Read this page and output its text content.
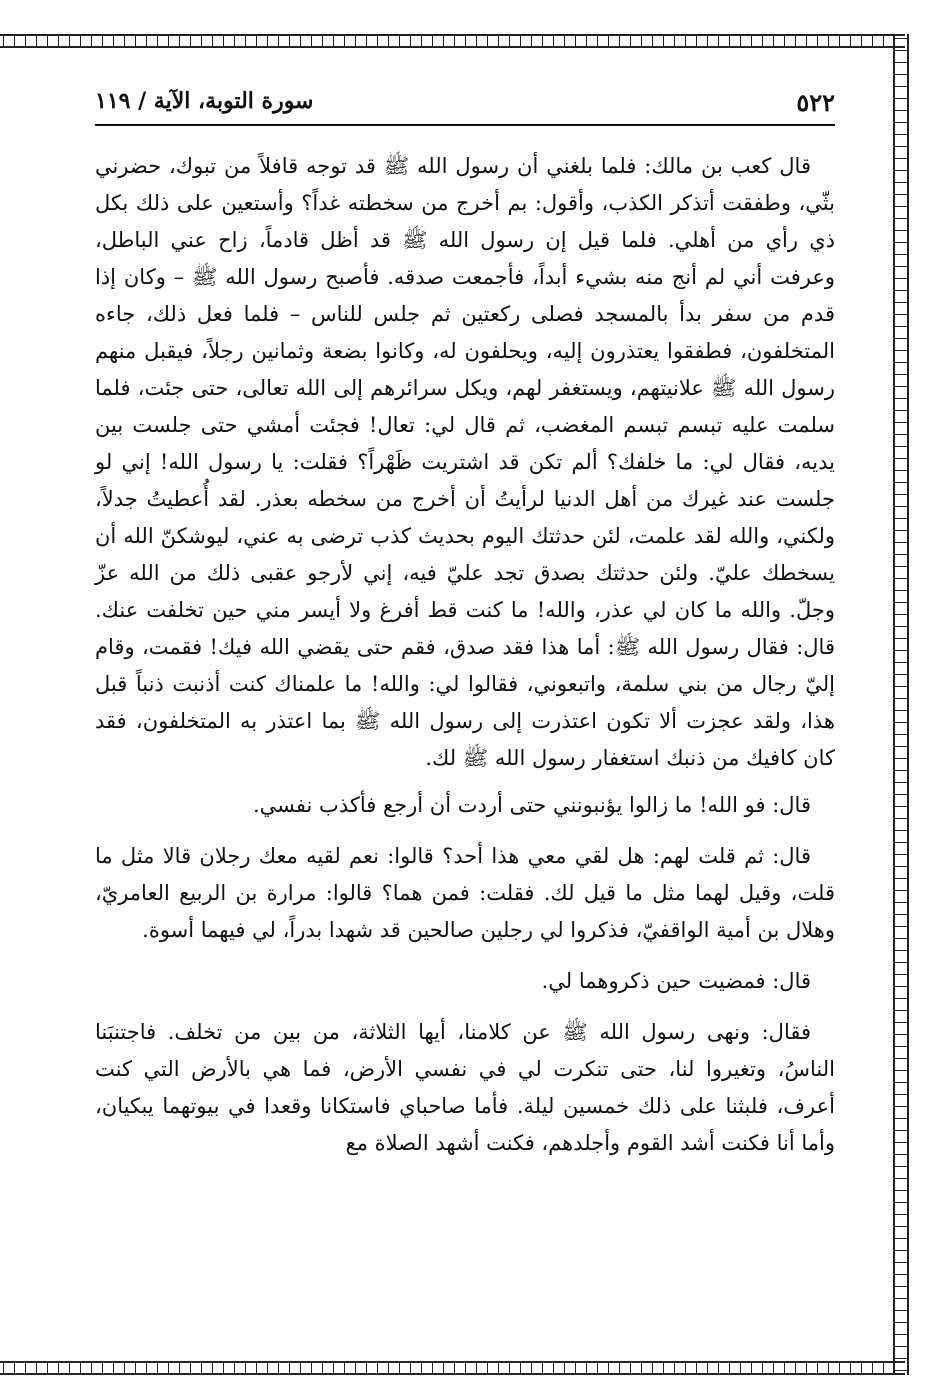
٥٢٢
سورة التوبة، الآية / ١١٩

قال كعب بن مالك: فلما بلغني أن رسول الله ﷺ قد توجه قافلاً من تبوك، حضرني بثّي، وطفقت أتذكر الكذب، وأقول: بم أخرج من سخطته غداً؟ وأستعين على ذلك بكل ذي رأي من أهلي. فلما قيل إن رسول الله ﷺ قد أظل قادماً، زاح عني الباطل، وعرفت أني لم أنج منه بشيء أبداً، فأجمعت صدقه. فأصبح رسول الله ﷺ – وكان إذا قدم من سفر بدأ بالمسجد فصلى ركعتين ثم جلس للناس – فلما فعل ذلك، جاءه المتخلفون، فطفقوا يعتذرون إليه، ويحلفون له، وكانوا بضعة وثمانين رجلاً، فيقبل منهم رسول الله ﷺ علانيتهم، ويستغفر لهم، ويكل سرائرهم إلى الله تعالى، حتى جئت، فلما سلمت عليه تبسم تبسم المغضب، ثم قال لي: تعال! فجئت أمشي حتى جلست بين يديه، فقال لي: ما خلفك؟ ألم تكن قد اشتريت ظَهْراً؟ فقلت: يا رسول الله! إني لو جلست عند غيرك من أهل الدنيا لرأيتُ أن أخرج من سخطه بعذر. لقد أُعطيتُ جدلاً، ولكني، والله لقد علمت، لئن حدثتك اليوم بحديث كذب ترضى به عني، ليوشكنّ الله أن يسخطك عليّ. ولئن حدثتك بصدق تجد عليّ فيه، إني لأرجو عقبى ذلك من الله عزّ وجلّ. والله ما كان لي عذر، والله! ما كنت قط أفرغ ولا أيسر مني حين تخلفت عنك. قال: فقال رسول الله ﷺ: أما هذا فقد صدق، فقم حتى يقضي الله فيك! فقمت، وقام إليّ رجال من بني سلمة، واتبعوني، فقالوا لي: والله! ما علمناك كنت أذنبت ذنباً قبل هذا، ولقد عجزت ألا تكون اعتذرت إلى رسول الله ﷺ بما اعتذر به المتخلفون، فقد كان كافيك من ذنبك استغفار رسول الله ﷺ لك.

قال: فو الله! ما زالوا يؤنبونني حتى أردت أن أرجع فأكذب نفسي.

قال: ثم قلت لهم: هل لقي معي هذا أحد؟ قالوا: نعم لقيه معك رجلان قالا مثل ما قلت، وقيل لهما مثل ما قيل لك. فقلت: فمن هما؟ قالوا: مرارة بن الربيع العامريّ، وهلال بن أمية الواقفيّ، فذكروا لي رجلين صالحين قد شهدا بدراً، لي فيهما أسوة.

قال: فمضيت حين ذكروهما لي.

فقال: ونهى رسول الله ﷺ عن كلامنا، أيها الثلاثة، من بين من تخلف. فاجتنبَنا الناسُ، وتغيروا لنا، حتى تنكرت لي في نفسي الأرض، فما هي بالأرض التي كنت أعرف، فلبثنا على ذلك خمسين ليلة. فأما صاحباي فاستكانا وقعدا في بيوتهما يبكيان، وأما أنا فكنت أشد القوم وأجلدهم، فكنت أشهد الصلاة مع
